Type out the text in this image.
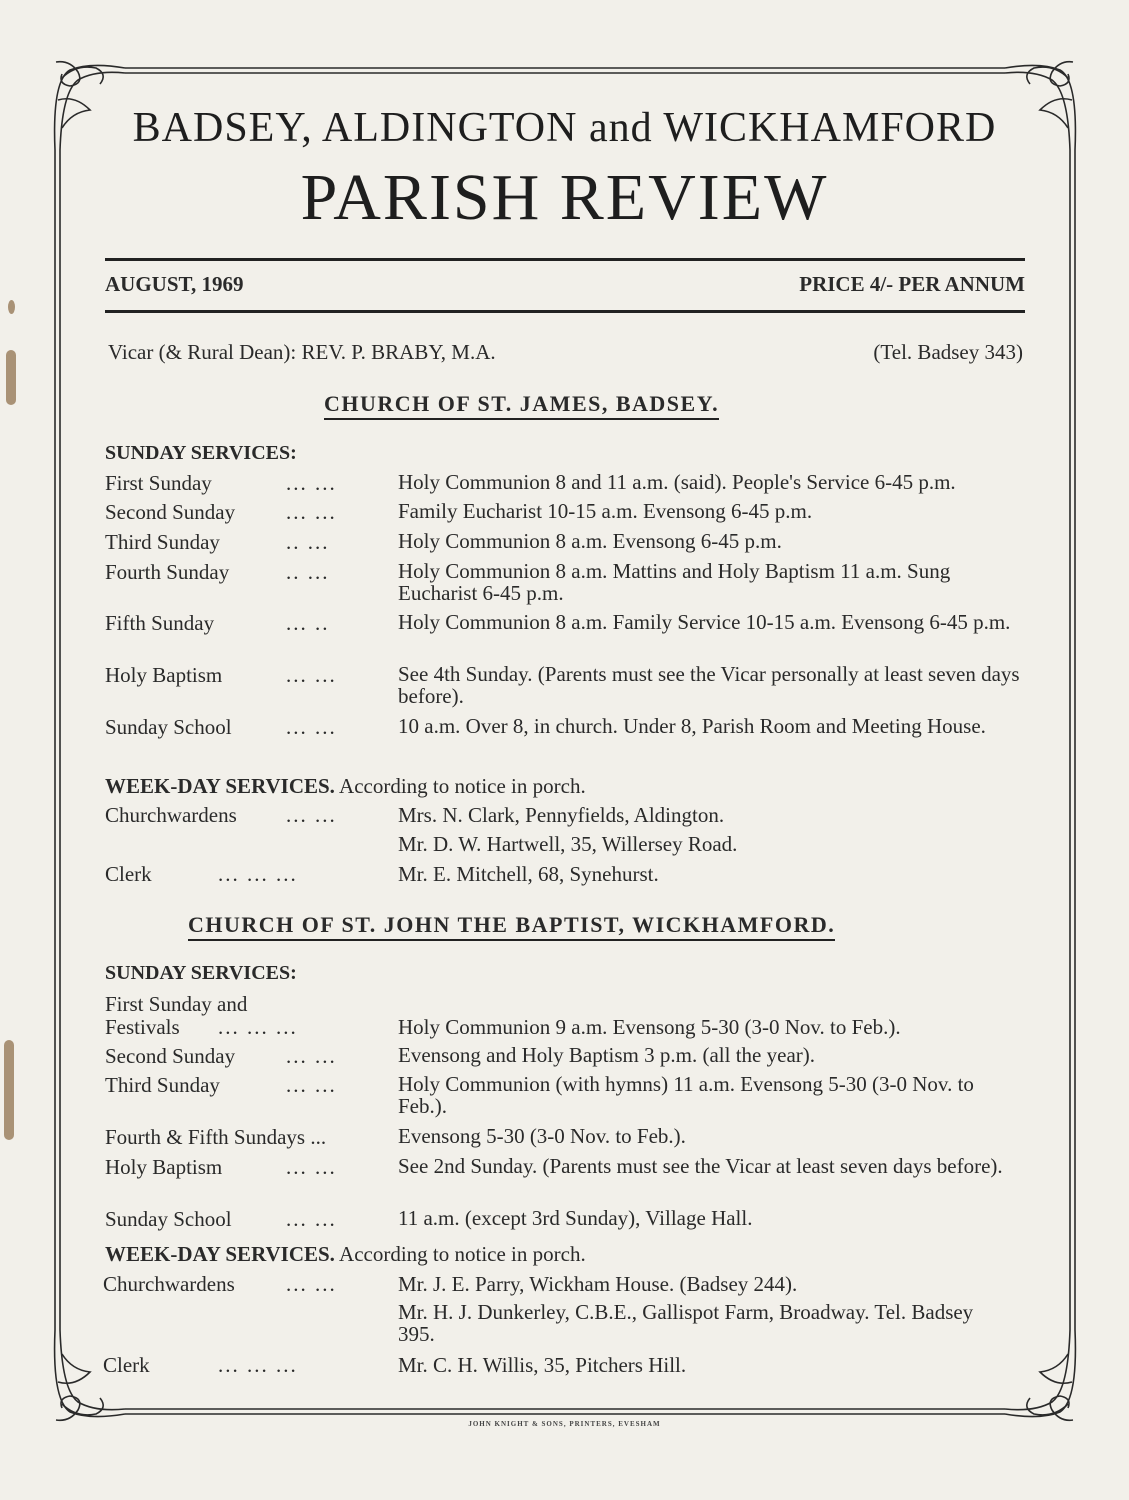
BADSEY, ALDINGTON and WICKHAMFORD
PARISH REVIEW
AUGUST, 1969	PRICE 4/- PER ANNUM
Vicar (& Rural Dean): REV. P. BRABY, M.A.	(Tel. Badsey 343)
CHURCH OF ST. JAMES, BADSEY.
SUNDAY SERVICES:
First Sunday	... ...	Holy Communion 8 and 11 a.m. (said). People's Service 6-45 p.m.
Second Sunday ... ...	Family Eucharist 10-15 a.m. Evensong 6-45 p.m.
Third Sunday	.. ...	Holy Communion 8 a.m. Evensong 6-45 p.m.
Fourth Sunday	.. ...	Holy Communion 8 a.m. Mattins and Holy Baptism 11 a.m. Sung Eucharist 6-45 p.m.
Fifth Sunday	... ..	Holy Communion 8 a.m. Family Service 10-15 a.m. Evensong 6-45 p.m.
Holy Baptism	... ...	See 4th Sunday. (Parents must see the Vicar personally at least seven days before).
Sunday School	... ...	10 a.m. Over 8, in church. Under 8, Parish Room and Meeting House.
WEEK-DAY SERVICES. According to notice in porch.
Churchwardens ... ...	Mrs. N. Clark, Pennyfields, Aldington.
Mr. D. W. Hartwell, 35, Willersey Road.
Clerk	... ... ...	Mr. E. Mitchell, 68, Synehurst.
CHURCH OF ST. JOHN THE BAPTIST, WICKHAMFORD.
SUNDAY SERVICES:
First Sunday and
Festivals ... ... ...	Holy Communion 9 a.m. Evensong 5-30 (3-0 Nov. to Feb.).
Second Sunday ... ...	Evensong and Holy Baptism 3 p.m. (all the year).
Third Sunday	... ...	Holy Communion (with hymns) 11 a.m. Evensong 5-30 (3-0 Nov. to Feb.).
Fourth & Fifth Sundays ...	Evensong 5-30 (3-0 Nov. to Feb.).
Holy Baptism	... ...	See 2nd Sunday. (Parents must see the Vicar at least seven days before).
Sunday School	... ...	11 a.m. (except 3rd Sunday), Village Hall.
WEEK-DAY SERVICES. According to notice in porch.
Churchwardens ... ...	Mr. J. E. Parry, Wickham House. (Badsey 244).
Mr. H. J. Dunkerley, C.B.E., Gallispot Farm, Broadway. Tel. Badsey 395.
Clerk	... ... ...	Mr. C. H. Willis, 35, Pitchers Hill.
JOHN KNIGHT & SONS, PRINTERS, EVESHAM
